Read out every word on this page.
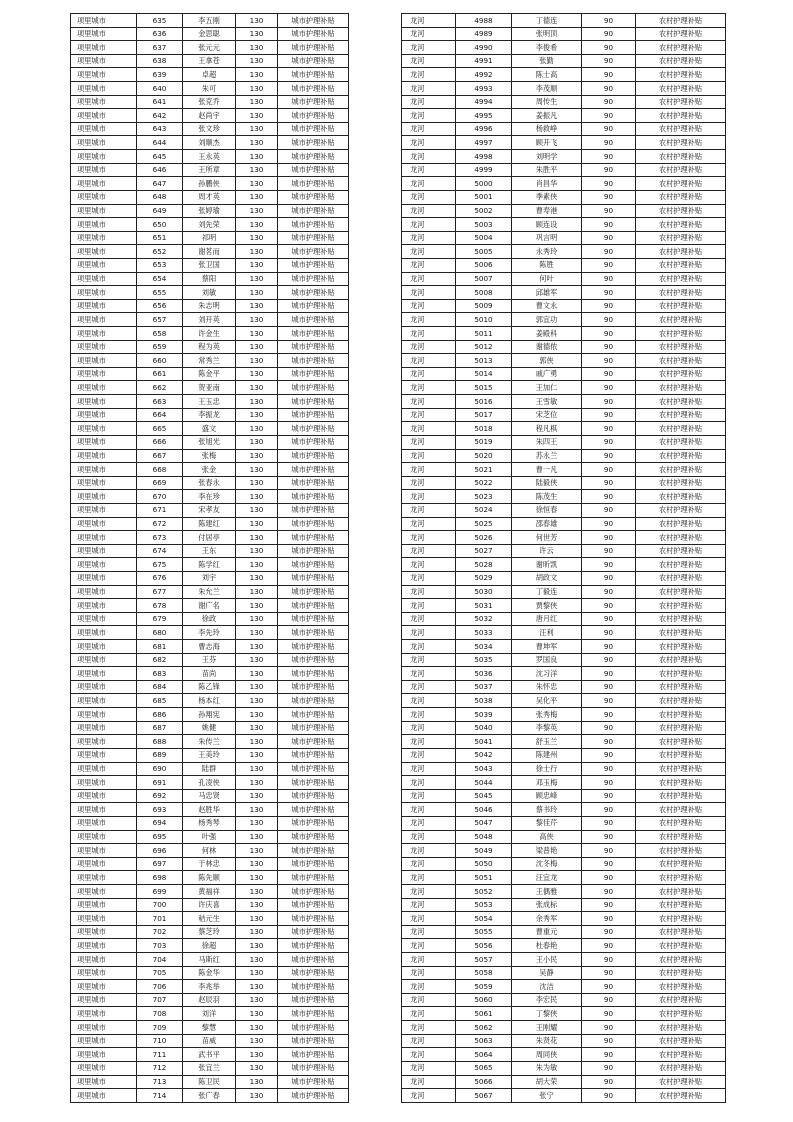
项里城市	635	李五刚	130	城市护理补贴
项里城市	636	金思聪	130	城市护理补贴
项里城市	637	张元元	130	城市护理补贴
项里城市	638	王拿苍	130	城市护理补贴
项里城市	639	卓超	130	城市护理补贴
项里城市	640	朱可	130	城市护理补贴
项里城市	641	张克乔	130	城市护理补贴
项里城市	642	赵尚宇	130	城市护理补贴
项里城市	643	张文珍	130	城市护理补贴
项里城市	644	刘顺杰	130	城市护理补贴
项里城市	645	王永英	130	城市护理补贴
项里城市	646	王所章	130	城市护理补贴
项里城市	647	孙鹏侠	130	城市护理补贴
项里城市	648	周才英	130	城市护理补贴
项里城市	649	张婷瑜	130	城市护理补贴
项里城市	650	刘先荣	130	城市护理补贴
项里城市	651	祁明	130	城市护理补贴
项里城市	652	谢茗而	130	城市护理补贴
项里城市	653	张卫国	130	城市护理补贴
项里城市	654	蔡阳	130	城市护理补贴
项里城市	655	刘敏	130	城市护理补贴
项里城市	656	朱志明	130	城市护理补贴
项里城市	657	刘开英	130	城市护理补贴
项里城市	658	许金生	130	城市护理补贴
项里城市	659	程为英	130	城市护理补贴
项里城市	660	常秀兰	130	城市护理补贴
项里城市	661	陈金平	130	城市护理补贴
项里城市	662	贺亚南	130	城市护理补贴
项里城市	663	王玉忠	130	城市护理补贴
项里城市	664	李振龙	130	城市护理补贴
项里城市	665	盛文	130	城市护理补贴
项里城市	666	张旭光	130	城市护理补贴
项里城市	667	张梅	130	城市护理补贴
项里城市	668	张金	130	城市护理补贴
项里城市	669	张春永	130	城市护理补贴
项里城市	670	李在珍	130	城市护理补贴
项里城市	671	宋孝友	130	城市护理补贴
项里城市	672	陈建红	130	城市护理补贴
项里城市	673	付居亭	130	城市护理补贴
项里城市	674	王东	130	城市护理补贴
项里城市	675	陈学红	130	城市护理补贴
项里城市	676	刘宇	130	城市护理补贴
项里城市	677	朱允兰	130	城市护理补贴
项里城市	678	谢广名	130	城市护理补贴
项里城市	679	徐政	130	城市护理补贴
项里城市	680	李先玲	130	城市护理补贴
项里城市	681	曹志海	130	城市护理补贴
项里城市	682	王芬	130	城市护理补贴
项里城市	683	苗尚	130	城市护理补贴
项里城市	684	陈乙锋	130	城市护理补贴
项里城市	685	杨本红	130	城市护理补贴
项里城市	686	孙翔宪	130	城市护理补贴
项里城市	687	姚健	130	城市护理补贴
项里城市	688	朱传兰	130	城市护理补贴
项里城市	689	王美玲	130	城市护理补贴
项里城市	690	陆群	130	城市护理补贴
项里城市	691	孔凌侠	130	城市护理补贴
项里城市	692	马忠贤	130	城市护理补贴
项里城市	693	赵胜华	130	城市护理补贴
项里城市	694	杨秀琴	130	城市护理补贴
项里城市	695	叶强	130	城市护理补贴
项里城市	696	何林	130	城市护理补贴
项里城市	697	于林忠	130	城市护理补贴
项里城市	698	陈先顺	130	城市护理补贴
项里城市	699	黄福祥	130	城市护理补贴
项里城市	700	许庆喜	130	城市护理补贴
项里城市	701	秸元生	130	城市护理补贴
项里城市	702	蔡芝玲	130	城市护理补贴
项里城市	703	徐超	130	城市护理补贴
项里城市	704	马斯红	130	城市护理补贴
项里城市	705	陈金华	130	城市护理补贴
项里城市	706	李兆举	130	城市护理补贴
项里城市	707	赵辰羽	130	城市护理补贴
项里城市	708	刘洋	130	城市护理补贴
项里城市	709	黎慧	130	城市护理补贴
项里城市	710	苗威	130	城市护理补贴
项里城市	711	武书平	130	城市护理补贴
项里城市	712	张宜兰	130	城市护理补贴
项里城市	713	陈卫民	130	城市护理补贴
项里城市	714	张广春	130	城市护理补贴
龙河	4988	丁德连	90	农村护理补贴
龙河	4989	张明顶	90	农村护理补贴
龙河	4990	李俊希	90	农村护理补贴
龙河	4991	张勤	90	农村护理补贴
龙河	4992	陈士高	90	农村护理补贴
龙河	4993	李茂顺	90	农村护理补贴
龙河	4994	周传生	90	农村护理补贴
龙河	4995	姜振凡	90	农村护理补贴
龙河	4996	杨救峥	90	农村护理补贴
龙河	4997	顾开飞	90	农村护理补贴
龙河	4998	刘明学	90	农村护理补贴
龙河	4999	朱胜平	90	农村护理补贴
龙河	5000	肖昌华	90	农村护理补贴
龙河	5001	季素侠	90	农村护理补贴
龙河	5002	曹寿港	90	农村护理补贴
龙河	5003	顾连设	90	农村护理补贴
龙河	5004	巩言明	90	农村护理补贴
龙河	5005	永秀玲	90	农村护理补贴
龙河	5006	陈胜	90	农村护理补贴
龙河	5007	何叶	90	农村护理补贴
龙河	5008	邱雄军	90	农村护理补贴
龙河	5009	曹文永	90	农村护理补贴
龙河	5010	郭宜功	90	农村护理补贴
龙河	5011	姜殿科	90	农村护理补贴
龙河	5012	谢德侬	90	农村护理补贴
龙河	5013	郭侠	90	农村护理补贴
龙河	5014	戚广勇	90	农村护理补贴
龙河	5015	王加仁	90	农村护理补贴
龙河	5016	王雪敏	90	农村护理补贴
龙河	5017	宋芝位	90	农村护理补贴
龙河	5018	程凡棋	90	农村护理补贴
龙河	5019	朱四王	90	农村护理补贴
龙河	5020	苏永兰	90	农村护理补贴
龙河	5021	曹一凡	90	农村护理补贴
龙河	5022	陆毅侠	90	农村护理补贴
龙河	5023	陈茂生	90	农村护理补贴
龙河	5024	徐恒春	90	农村护理补贴
龙河	5025	邵春雄	90	农村护理补贴
龙河	5026	何世芳	90	农村护理补贴
龙河	5027	许云	90	农村护理补贴
龙河	5028	谢昕凯	90	农村护理补贴
龙河	5029	胡政文	90	农村护理补贴
龙河	5030	丁毅连	90	农村护理补贴
龙河	5031	贾黎侠	90	农村护理补贴
龙河	5032	唐月红	90	农村护理补贴
龙河	5033	汪利	90	农村护理补贴
龙河	5034	曹坤军	90	农村护理补贴
龙河	5035	罗国良	90	农村护理补贴
龙河	5036	沈习洋	90	农村护理补贴
龙河	5037	朱怀忠	90	农村护理补贴
龙河	5038	吴化平	90	农村护理补贴
龙河	5039	张秀梅	90	农村护理补贴
龙河	5040	李黎英	90	农村护理补贴
龙河	5041	舒玉兰	90	农村护理补贴
龙河	5042	陈建州	90	农村护理补贴
龙河	5043	徐士行	90	农村护理补贴
龙河	5044	邓玉梅	90	农村护理补贴
龙河	5045	顾忠峰	90	农村护理补贴
龙河	5046	蔡书玲	90	农村护理补贴
龙河	5047	黎佳芹	90	农村护理补贴
龙河	5048	高侠	90	农村护理补贴
龙河	5049	梁普艳	90	农村护理补贴
龙河	5050	沈冬梅	90	农村护理补贴
龙河	5051	汪宜龙	90	农村护理补贴
龙河	5052	王偶雅	90	农村护理补贴
龙河	5053	张成标	90	农村护理补贴
龙河	5054	余秀军	90	农村护理补贴
龙河	5055	曹重元	90	农村护理补贴
龙河	5056	杜春艳	90	农村护理补贴
龙河	5057	王小民	90	农村护理补贴
龙河	5058	吴静	90	农村护理补贴
龙河	5059	沈洁	90	农村护理补贴
龙河	5060	李宏民	90	农村护理补贴
龙河	5061	丁黎侠	90	农村护理补贴
龙河	5062	王刚耀	90	农村护理补贴
龙河	5063	朱贤花	90	农村护理补贴
龙河	5064	周同侠	90	农村护理补贴
龙河	5065	朱为敏	90	农村护理补贴
龙河	5066	胡大荣	90	农村护理补贴
龙河	5067	张宁	90	农村护理补贴
